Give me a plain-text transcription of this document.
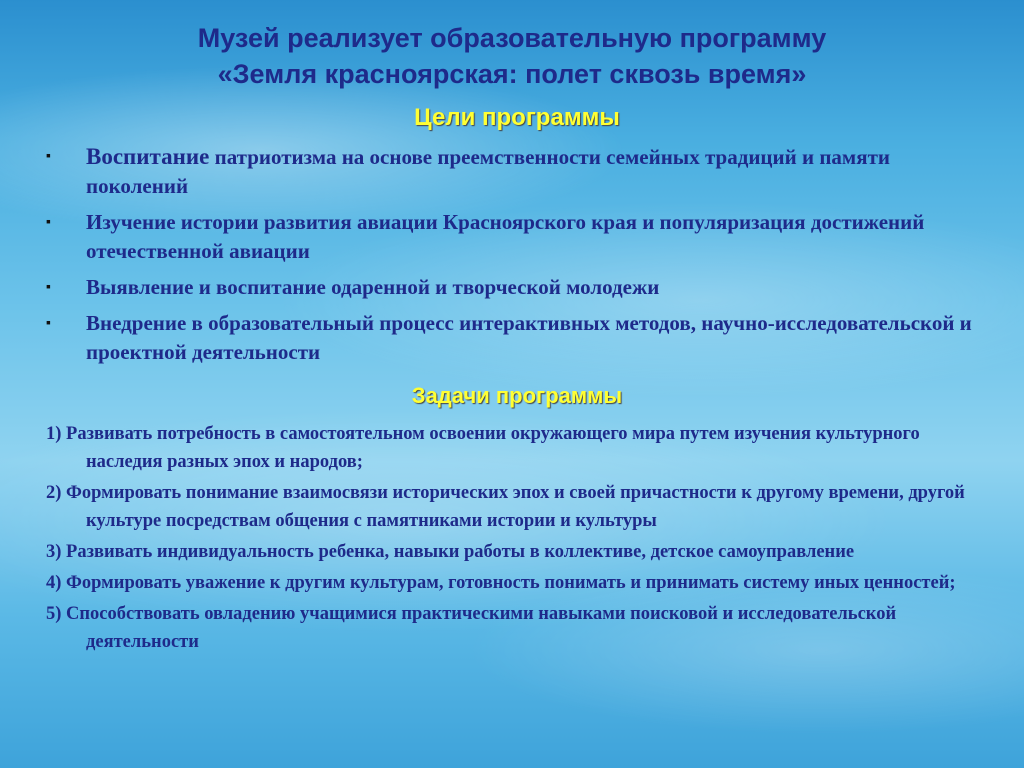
Музей реализует образовательную программу
«Земля красноярская: полет сквозь время»
Цели программы
▪ Воспитание патриотизма на основе преемственности семейных традиций и памяти поколений
▪ Изучение истории развития авиации Красноярского края и популяризация достижений отечественной авиации
▪ Выявление и воспитание одаренной и творческой молодежи
▪ Внедрение в образовательный процесс интерактивных методов, научно-исследовательской и проектной деятельности
Задачи программы
1) Развивать потребность в самостоятельном освоении окружающего мира путем изучения культурного наследия разных эпох и народов;
2) Формировать понимание взаимосвязи исторических эпох и своей причастности к другому времени, другой культуре посредствам общения с памятниками истории и культуры
3) Развивать индивидуальность ребенка, навыки работы в коллективе, детское самоуправление
4) Формировать уважение к другим культурам, готовность понимать и принимать систему иных ценностей;
5) Способствовать овладению учащимися практическими навыками поисковой и исследовательской деятельности
